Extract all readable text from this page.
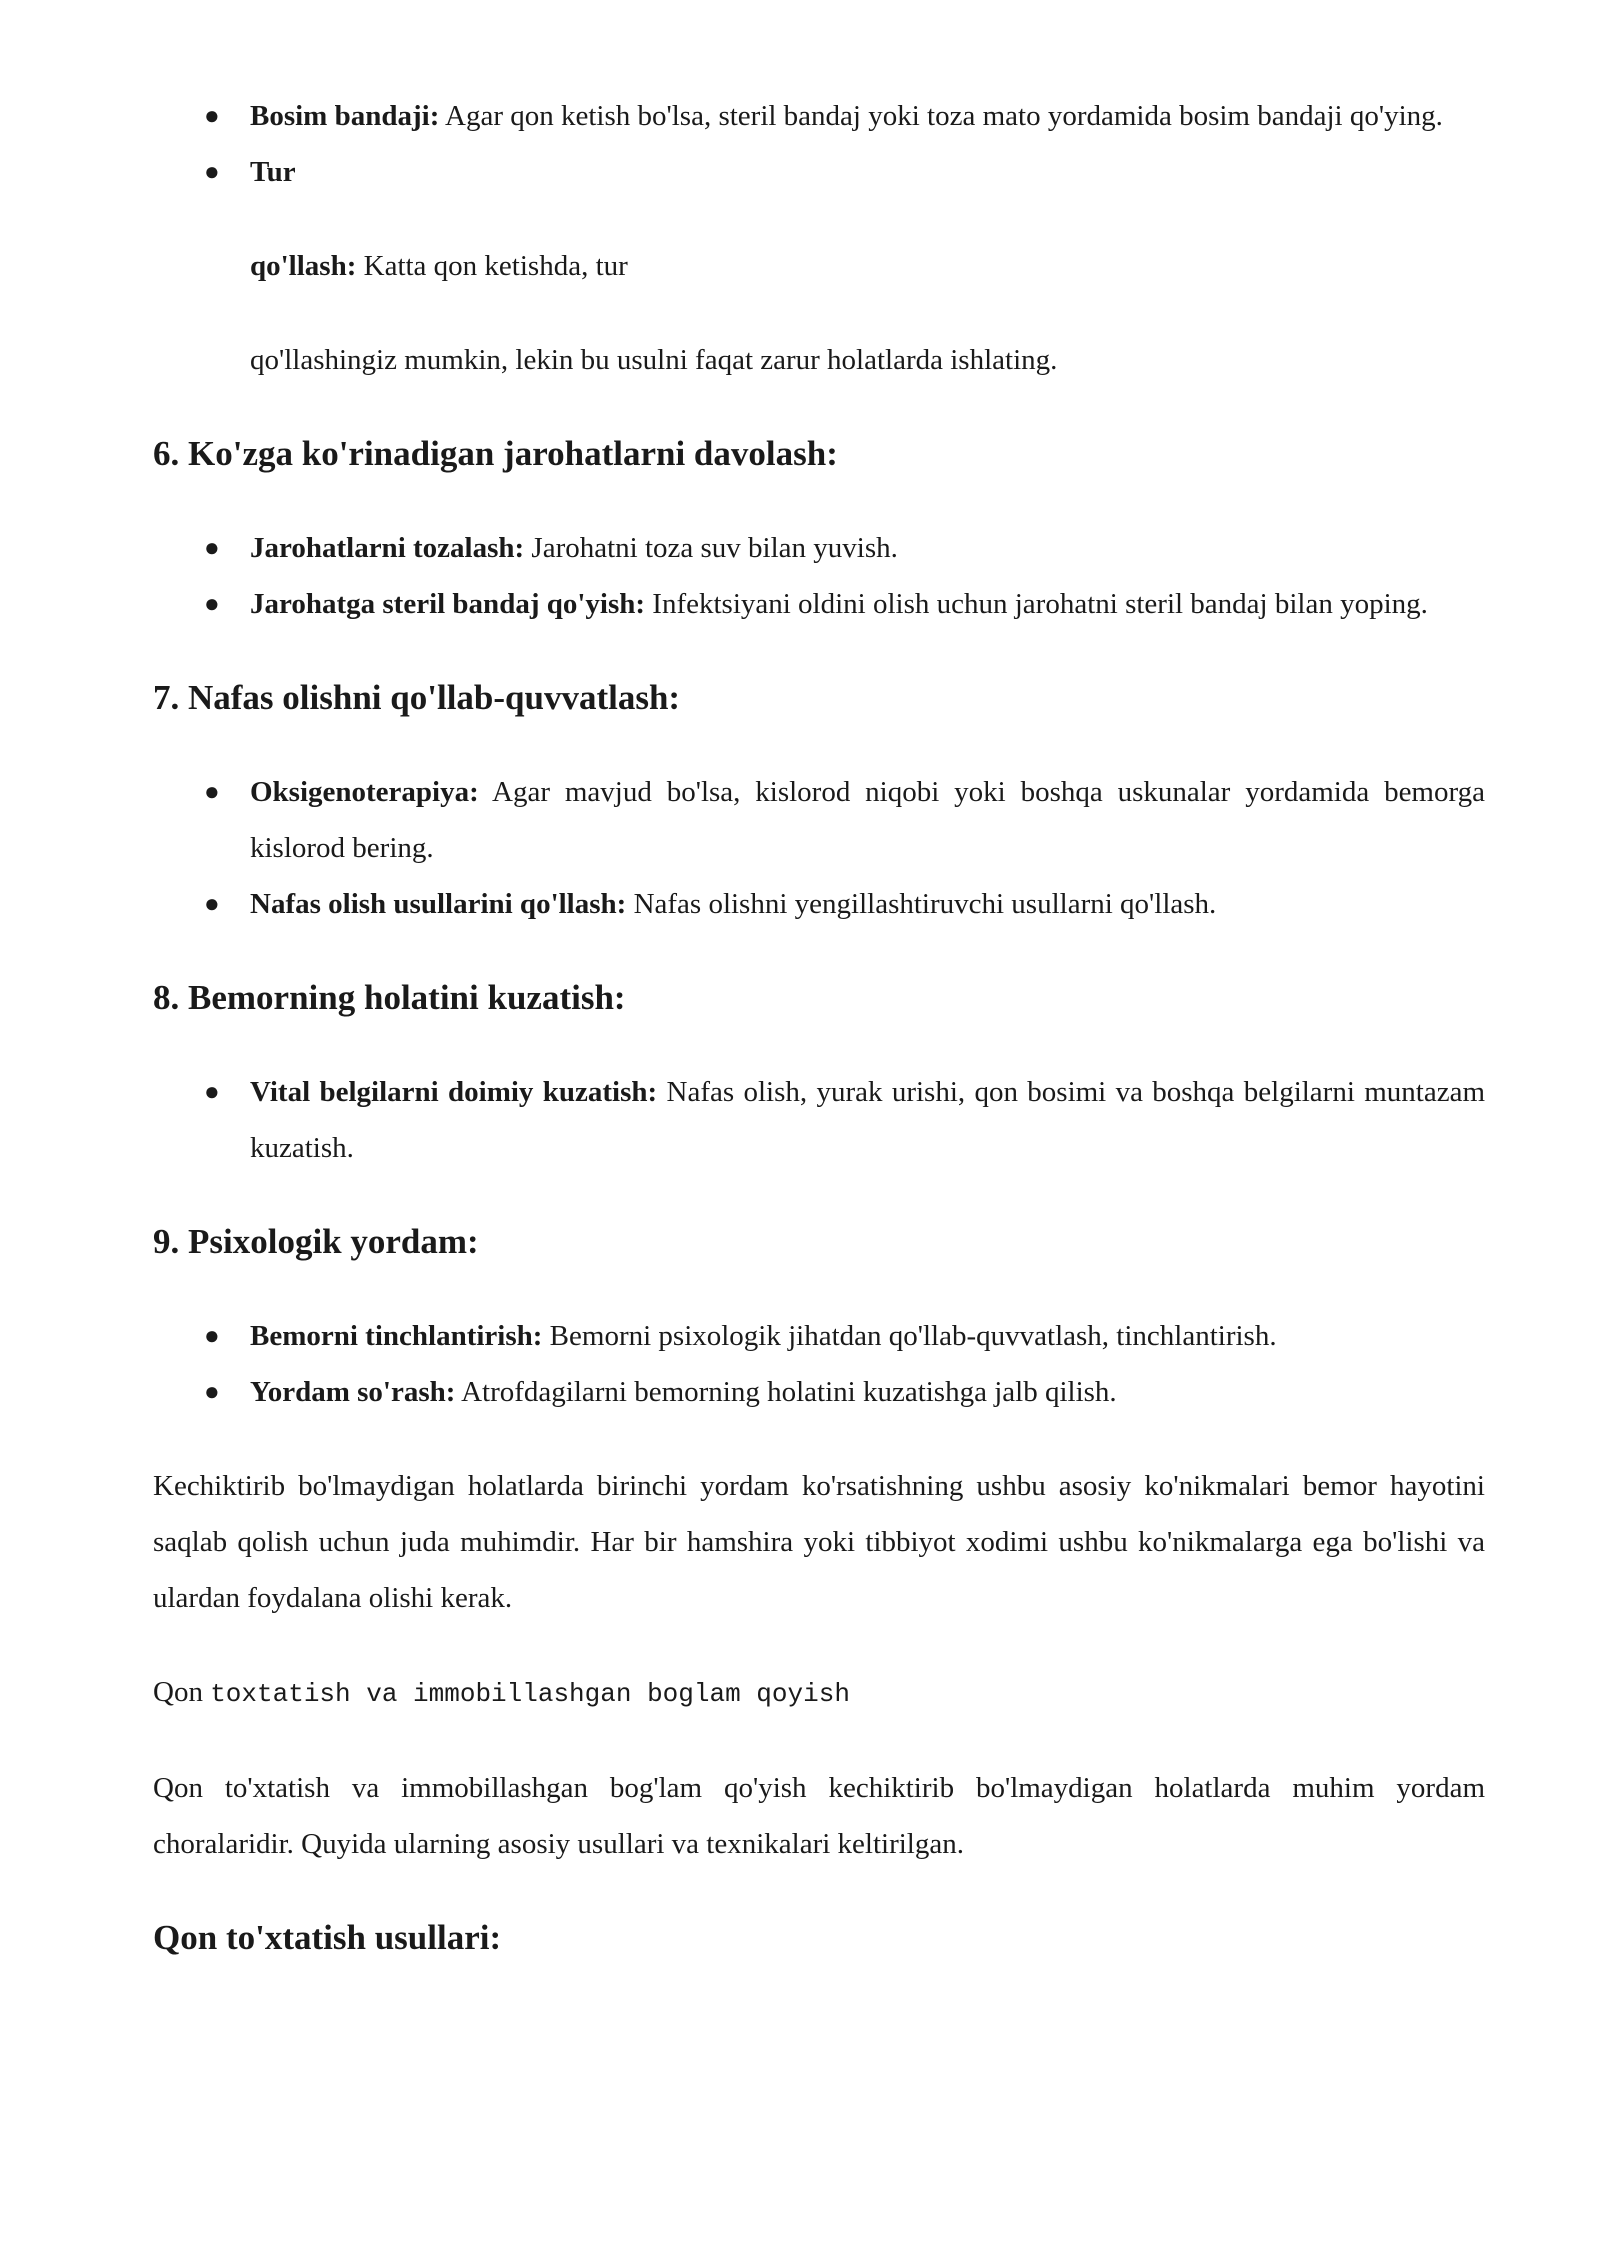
● Bosim bandaji: Agar qon ketish bo'lsa, steril bandaj yoki toza mato yordamida bosim bandaji qo'ying.
● Tur
qo'llash: Katta qon ketishda, tur
qo'llashingiz mumkin, lekin bu usulni faqat zarur holatlarda ishlating.
6. Ko'zga ko'rinadigan jarohatlarni davolash:
● Jarohatlarni tozalash: Jarohatni toza suv bilan yuvish.
● Jarohatga steril bandaj qo'yish: Infektsiyani oldini olish uchun jarohatni steril bandaj bilan yoping.
7. Nafas olishni qo'llab-quvvatlash:
● Oksigenoterapiya: Agar mavjud bo'lsa, kislorod niqobi yoki boshqa uskunalar yordamida bemorga kislorod bering.
● Nafas olish usullarini qo'llash: Nafas olishni yengillashtiruvchi usullarni qo'llash.
8. Bemorning holatini kuzatish:
● Vital belgilarni doimiy kuzatish: Nafas olish, yurak urishi, qon bosimi va boshqa belgilarni muntazam kuzatish.
9. Psixologik yordam:
● Bemorni tinchlantirish: Bemorni psixologik jihatdan qo'llab-quvvatlash, tinchlantirish.
● Yordam so'rash: Atrofdagilarni bemorning holatini kuzatishga jalb qilish.

Kechiktirib bo'lmaydigan holatlarda birinchi yordam ko'rsatishning ushbu asosiy ko'nikmalari bemor hayotini saqlab qolish uchun juda muhimdir. Har bir hamshira yoki tibbiyot xodimi ushbu ko'nikmalarga ega bo'lishi va ulardan foydalana olishi kerak.

Qon toxtatish va immobillashgan boglam qoyish

Qon to'xtatish va immobillashgan bog'lam qo'yish kechiktirib bo'lmaydigan holatlarda muhim yordam choralaridir. Quyida ularning asosiy usullari va texnikalari keltirilgan.

Qon to'xtatish usullari:
